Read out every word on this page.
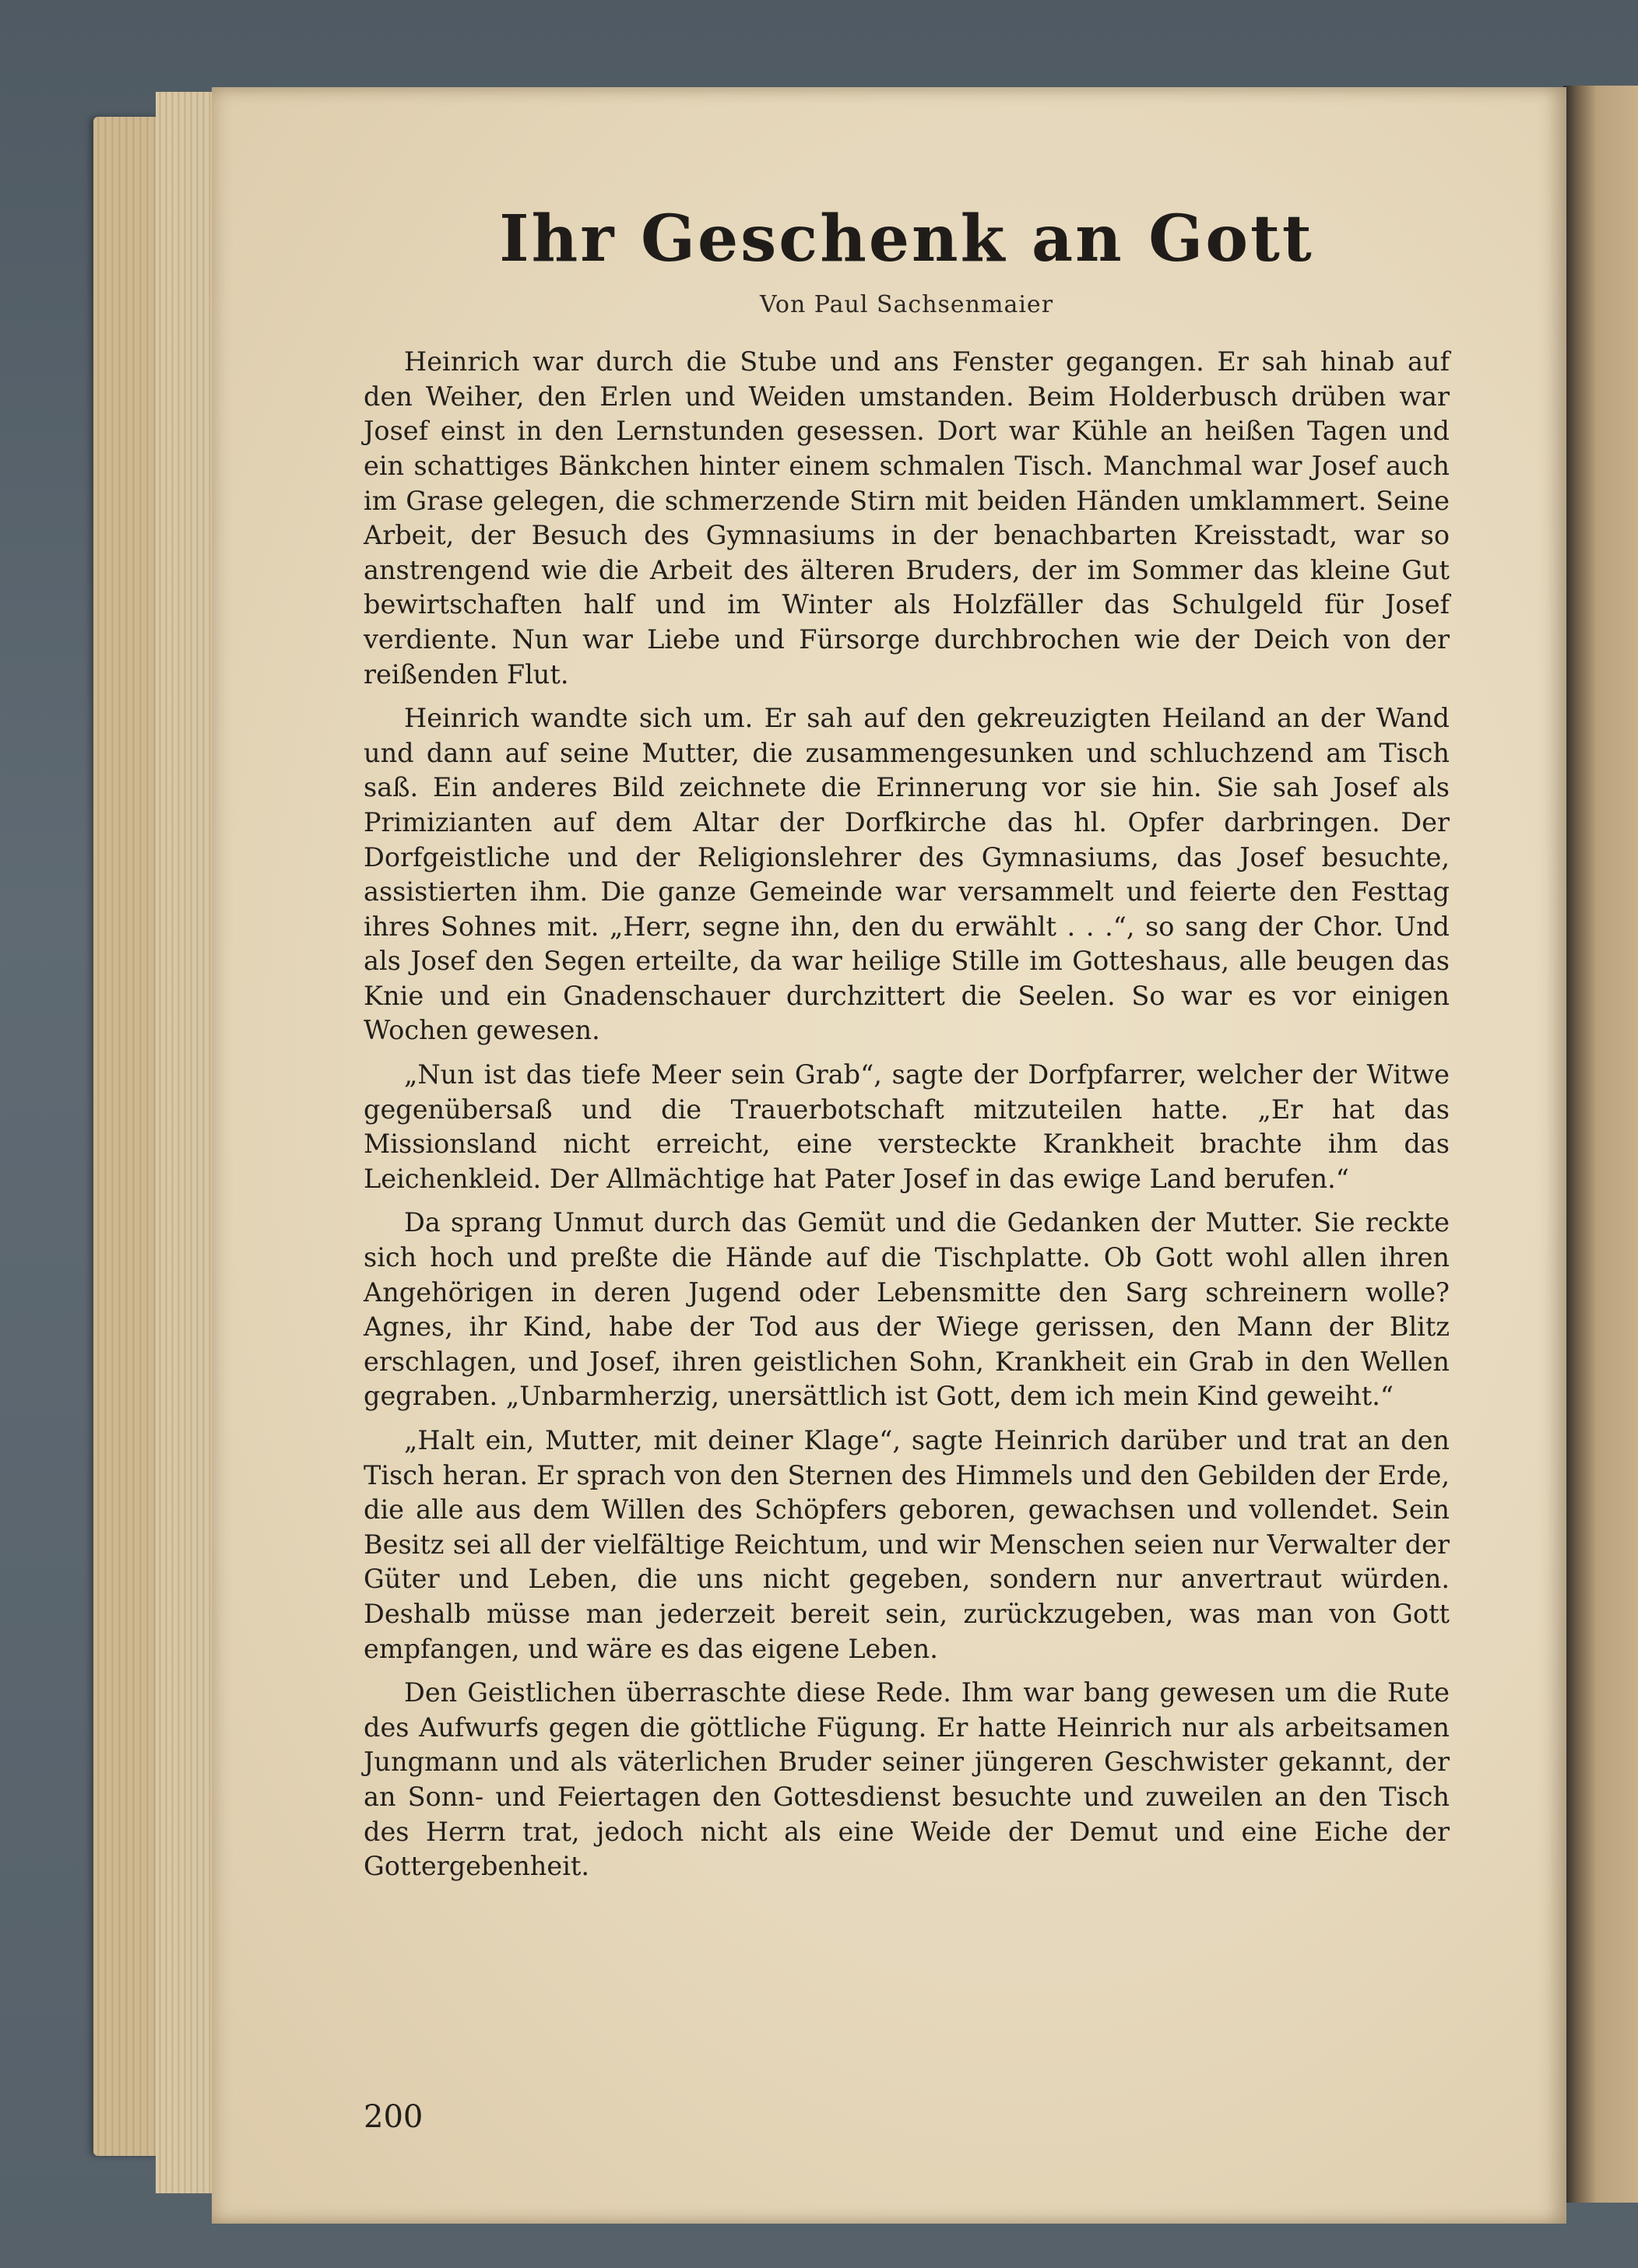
Ihr Geschenk an Gott
Von Paul Sachsenmaier

Heinrich war durch die Stube und ans Fenster gegangen. Er sah hinab auf den Weiher, den Erlen und Weiden umstanden. Beim Holderbusch drüben war Josef einst in den Lernstunden gesessen. Dort war Kühle an heißen Tagen und ein schattiges Bänkchen hinter einem schmalen Tisch. Manchmal war Josef auch im Grase gelegen, die schmerzende Stirn mit beiden Händen umklammert. Seine Arbeit, der Besuch des Gymnasiums in der benachbarten Kreisstadt, war so anstrengend wie die Arbeit des älteren Bruders, der im Sommer das kleine Gut bewirtschaften half und im Winter als Holzfäller das Schulgeld für Josef verdiente. Nun war Liebe und Fürsorge durchbrochen wie der Deich von der reißenden Flut.

Heinrich wandte sich um. Er sah auf den gekreuzigten Heiland an der Wand und dann auf seine Mutter, die zusammengesunken und schluchzend am Tisch saß. Ein anderes Bild zeichnete die Erinnerung vor sie hin. Sie sah Josef als Primizianten auf dem Altar der Dorfkirche das hl. Opfer darbringen. Der Dorfgeistliche und der Religionslehrer des Gymnasiums, das Josef besuchte, assistierten ihm. Die ganze Gemeinde war versammelt und feierte den Festtag ihres Sohnes mit. „Herr, segne ihn, den du erwählt . . .“, so sang der Chor. Und als Josef den Segen erteilte, da war heilige Stille im Gotteshaus, alle beugen das Knie und ein Gnadenschauer durchzittert die Seelen. So war es vor einigen Wochen gewesen.

„Nun ist das tiefe Meer sein Grab“, sagte der Dorfpfarrer, welcher der Witwe gegenübersaß und die Trauerbotschaft mitzuteilen hatte. „Er hat das Missionsland nicht erreicht, eine versteckte Krankheit brachte ihm das Leichenkleid. Der Allmächtige hat Pater Josef in das ewige Land berufen.“

Da sprang Unmut durch das Gemüt und die Gedanken der Mutter. Sie reckte sich hoch und preßte die Hände auf die Tischplatte. Ob Gott wohl allen ihren Angehörigen in deren Jugend oder Lebensmitte den Sarg schreinern wolle? Agnes, ihr Kind, habe der Tod aus der Wiege gerissen, den Mann der Blitz erschlagen, und Josef, ihren geistlichen Sohn, Krankheit ein Grab in den Wellen gegraben. „Unbarmherzig, unersättlich ist Gott, dem ich mein Kind geweiht.“

„Halt ein, Mutter, mit deiner Klage“, sagte Heinrich darüber und trat an den Tisch heran. Er sprach von den Sternen des Himmels und den Gebilden der Erde, die alle aus dem Willen des Schöpfers geboren, gewachsen und vollendet. Sein Besitz sei all der vielfältige Reichtum, und wir Menschen seien nur Verwalter der Güter und Leben, die uns nicht gegeben, sondern nur anvertraut würden. Deshalb müsse man jederzeit bereit sein, zurückzugeben, was man von Gott empfangen, und wäre es das eigene Leben.

Den Geistlichen überraschte diese Rede. Ihm war bang gewesen um die Rute des Aufwurfs gegen die göttliche Fügung. Er hatte Heinrich nur als arbeitsamen Jungmann und als väterlichen Bruder seiner jüngeren Geschwister gekannt, der an Sonn- und Feiertagen den Gottesdienst besuchte und zuweilen an den Tisch des Herrn trat, jedoch nicht als eine Weide der Demut und eine Eiche der Gottergebenheit.

200
